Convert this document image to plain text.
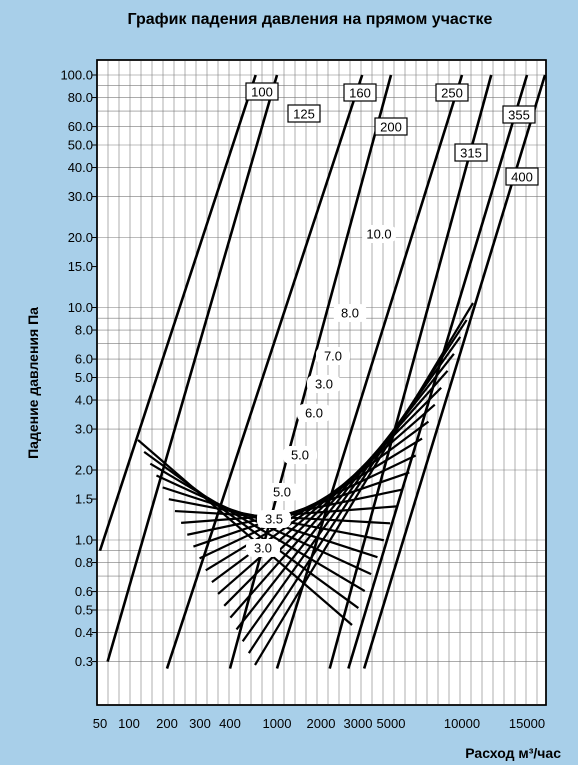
График падения давления на прямом участке
100.0
80.0
60.0
50.0
40.0
30.0
20.0
15.0
10.0
8.0
6.0
5.0
4.0
3.0
2.0
1.5
1.0
0.8
0.6
0.5
0.4
0.3
50 100 200 300 400 1000 2000 3000 5000	10000 15000
100
125
160
200
250
315
355
400
10.0
8.0
7.0
3.0
6.0
5.0
5.0
3.5
3.0
Падение давления Па
Расход м³/час
